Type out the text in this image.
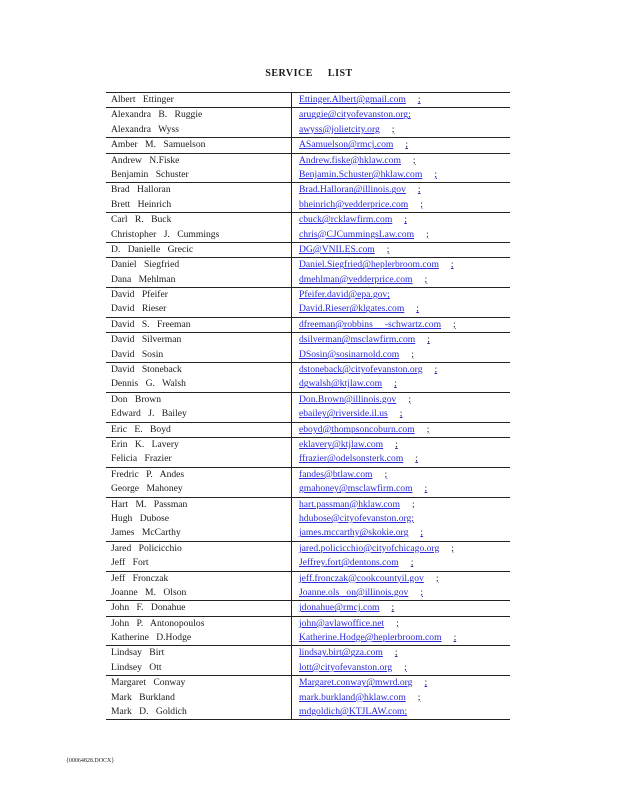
SERVICE LIST
Albert Ettinger	Ettinger.Albert@gmail.com ;
Alexandra B. Ruggie	aruggie@cityofevanston.org;
Alexandra Wyss	awyss@jolietcity.org ;
Amber M. Samuelson	ASamuelson@rmcj.com ;
Andrew N.Fiske	Andrew.fiske@hklaw.com ;
Benjamin Schuster	Benjamin.Schuster@hklaw.com ;
Brad Halloran	Brad.Halloran@illinois.gov ;
Brett Heinrich	bheinrich@vedderprice.com ;
Carl R. Buck	cbuck@rcklawfirm.com ;
Christopher J. Cummings	chris@CJCummingsLaw.com ;
D. Danielle Grecic	DG@VNILES.com ;
Daniel Siegfried	Daniel.Siegfried@heplerbroom.com ;
Dana Mehlman	dmehlman@vedderprice.com ;
David Pfeifer	Pfeifer.david@epa.gov;
David Rieser	David.Rieser@klgates.com ;
David S. Freeman	dfreeman@robbins     -schwartz.com ;
David Silverman	dsilverman@msclawfirm.com ;
David Sosin	DSosin@sosinarnold.com ;
David Stoneback	dstoneback@cityofevanston.org ;
Dennis G. Walsh	dgwalsh@ktjlaw.com ;
Don Brown	Don.Brown@illinois.gov ;
Edward J. Bailey	ebailey@riverside.il.us ;
Eric E. Boyd	eboyd@thompsoncoburn.com ;
Erin K. Lavery	eklavery@ktjlaw.com ;
Felicia Frazier	ffrazier@odelsonsterk.com ;
Fredric P. Andes	fandes@btlaw.com ;
George Mahoney	gmahoney@msclawfirm.com ;
Hart M. Passman	hart.passman@hklaw.com ;
Hugh Dubose	hdubose@cityofevanston.org;
James McCarthy	james.mccarthy@skokie.org ;
Jared Policicchio	jared.policicchio@cityofchicago.org ;
Jeff Fort	Jeffrey.fort@dentons.com ;
Jeff Fronczak	jeff.fronczak@cookcountyil.gov ;
Joanne M. Olson	Joanne.ols   on@illinois.gov ;
John F. Donahue	jdonahue@rmcj.com ;
John P. Antonopoulos	john@avlawoffice.net ;
Katherine D.Hodge	Katherine.Hodge@heplerbroom.com ;
Lindsay Birt	lindsay.birt@gza.com ;
Lindsey Ott	lott@cityofevanston.org ;
Margaret Conway	Margaret.conway@mwrd.org ;
Mark Burkland	mark.burkland@hklaw.com ;
Mark D. Goldich	mdgoldich@KTJLAW.com;
{00064828.DOCX}
